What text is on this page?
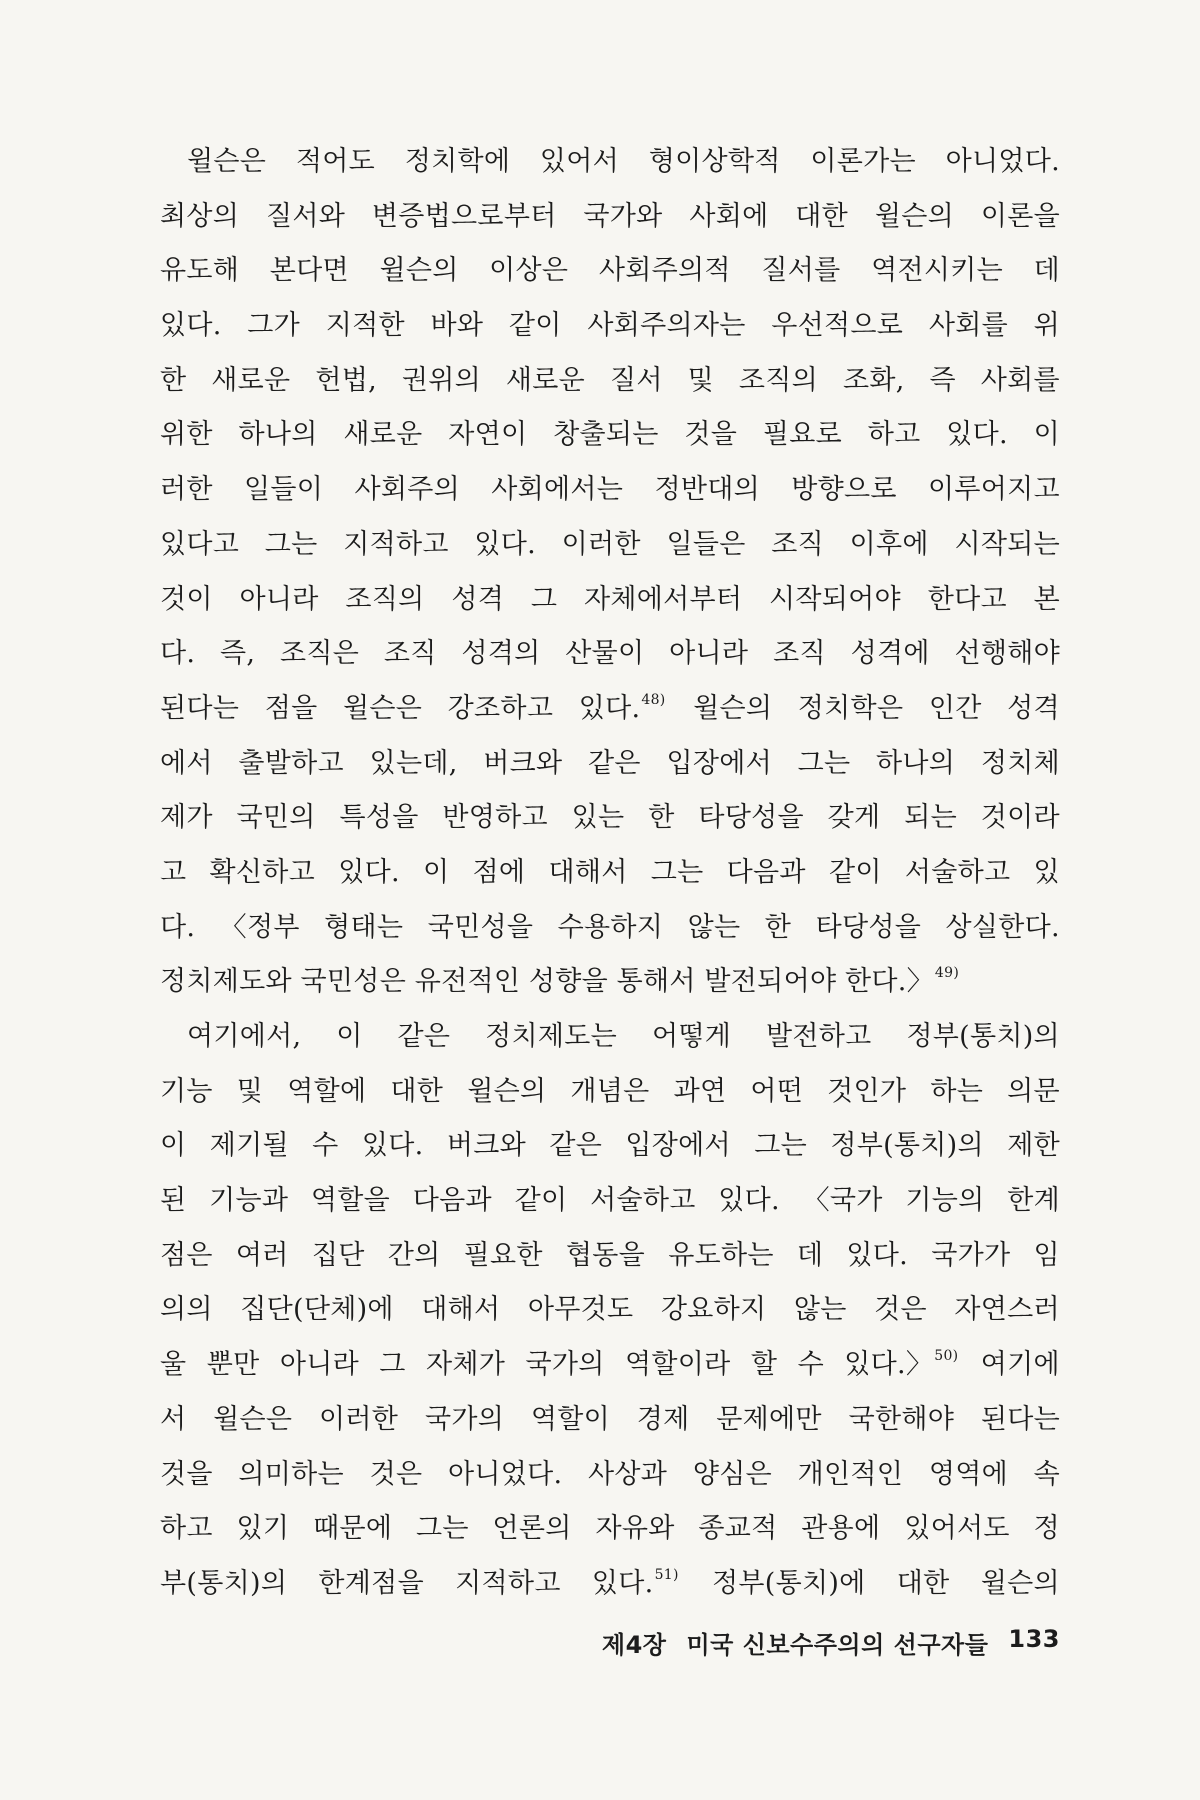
윌슨은 적어도 정치학에 있어서 형이상학적 이론가는 아니었다.
최상의 질서와 변증법으로부터 국가와 사회에 대한 윌슨의 이론을
유도해 본다면 윌슨의 이상은 사회주의적 질서를 역전시키는 데
있다. 그가 지적한 바와 같이 사회주의자는 우선적으로 사회를 위
한 새로운 헌법, 권위의 새로운 질서 및 조직의 조화, 즉 사회를
위한 하나의 새로운 자연이 창출되는 것을 필요로 하고 있다. 이
러한 일들이 사회주의 사회에서는 정반대의 방향으로 이루어지고
있다고 그는 지적하고 있다. 이러한 일들은 조직 이후에 시작되는
것이 아니라 조직의 성격 그 자체에서부터 시작되어야 한다고 본
다. 즉, 조직은 조직 성격의 산물이 아니라 조직 성격에 선행해야
된다는 점을 윌슨은 강조하고 있다.$^{48)}$ 윌슨의 정치학은 인간 성격
에서 출발하고 있는데, 버크와 같은 입장에서 그는 하나의 정치체
제가 국민의 특성을 반영하고 있는 한 타당성을 갖게 되는 것이라
고 확신하고 있다. 이 점에 대해서 그는 다음과 같이 서술하고 있
다. 〈정부 형태는 국민성을 수용하지 않는 한 타당성을 상실한다.
정치제도와 국민성은 유전적인 성향을 통해서 발전되어야 한다.〉$^{49)}$
여기에서, 이 같은 정치제도는 어떻게 발전하고 정부(통치)의
기능 및 역할에 대한 윌슨의 개념은 과연 어떤 것인가 하는 의문
이 제기될 수 있다. 버크와 같은 입장에서 그는 정부(통치)의 제한
된 기능과 역할을 다음과 같이 서술하고 있다. 〈국가 기능의 한계
점은 여러 집단 간의 필요한 협동을 유도하는 데 있다. 국가가 임
의의 집단(단체)에 대해서 아무것도 강요하지 않는 것은 자연스러
울 뿐만 아니라 그 자체가 국가의 역할이라 할 수 있다.〉$^{50)}$ 여기에
서 윌슨은 이러한 국가의 역할이 경제 문제에만 국한해야 된다는
것을 의미하는 것은 아니었다. 사상과 양심은 개인적인 영역에 속
하고 있기 때문에 그는 언론의 자유와 종교적 관용에 있어서도 정
부(통치)의 한계점을 지적하고 있다.$^{51)}$ 정부(통치)에 대한 윌슨의
제4장 미국 신보수주의의 선구자들 133
